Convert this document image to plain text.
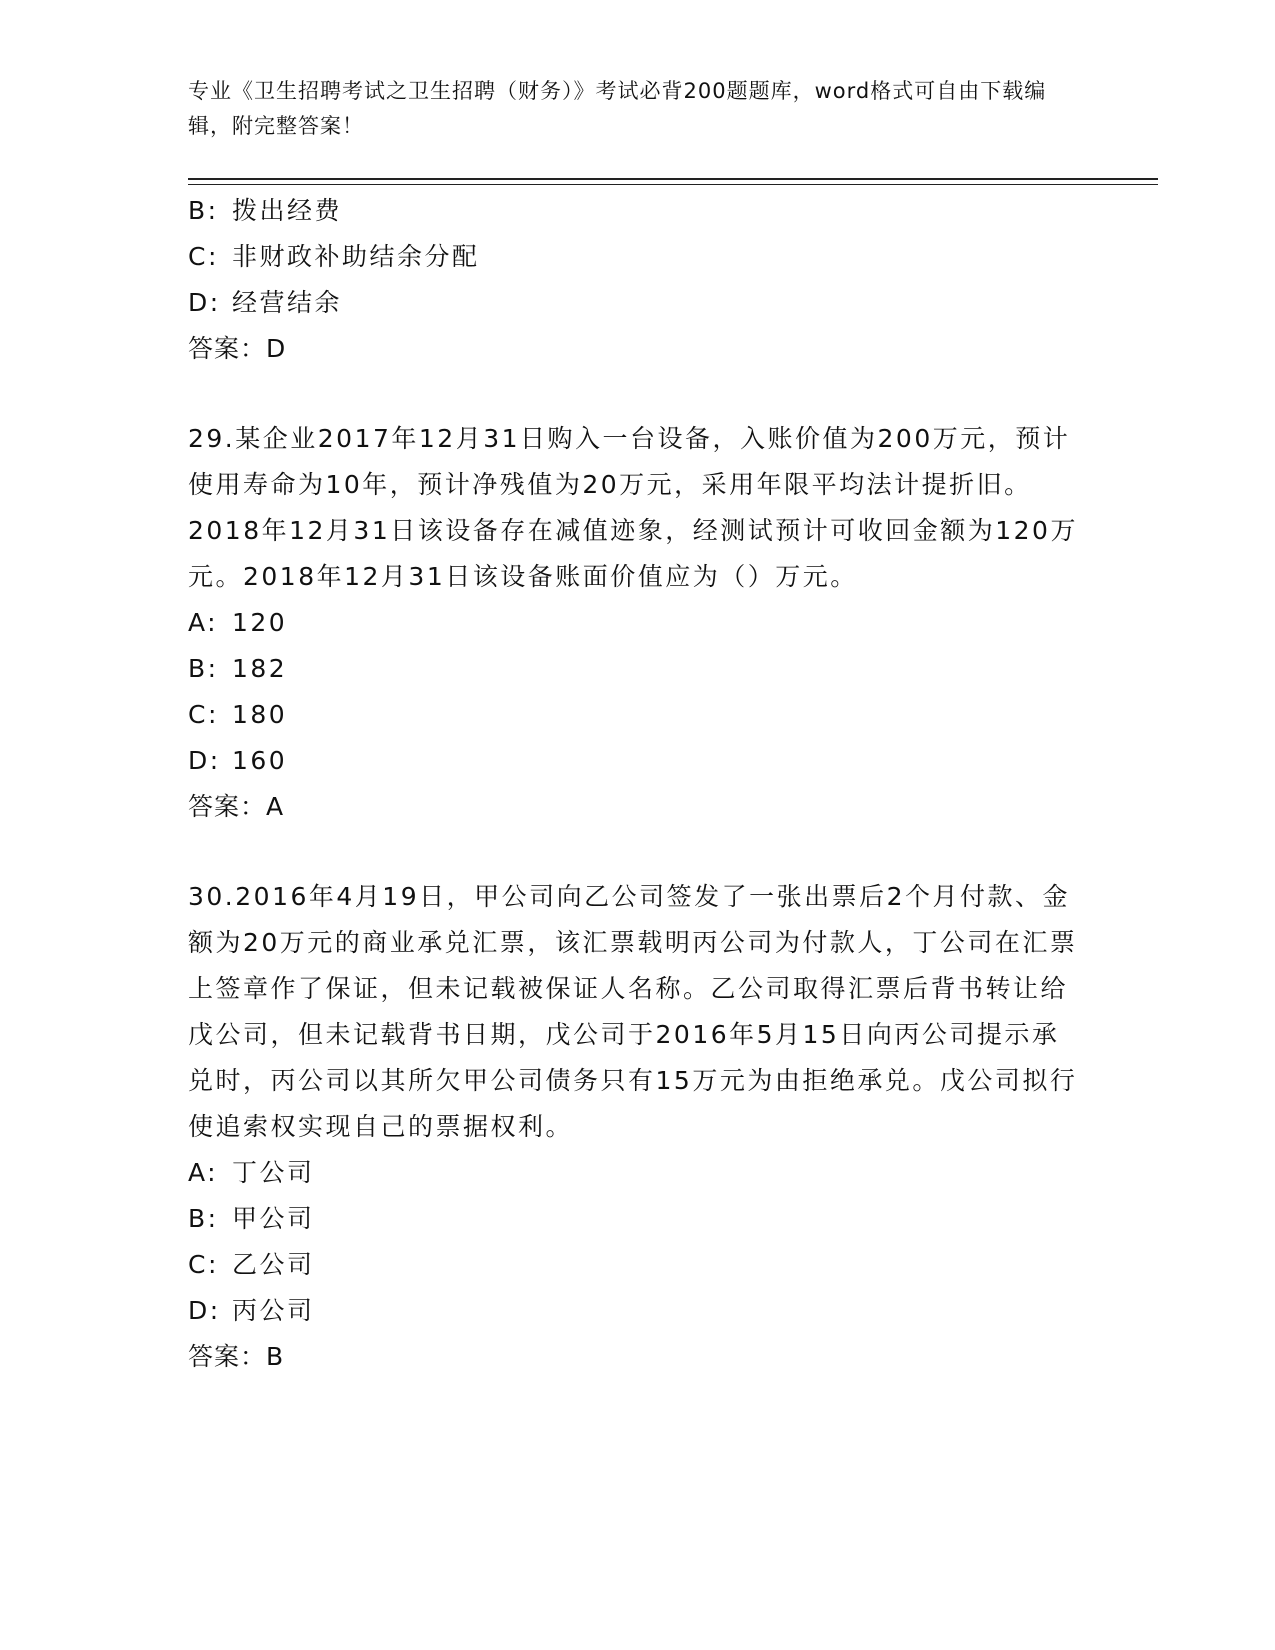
专业《卫生招聘考试之卫生招聘（财务）》考试必背200题题库，word格式可自由下载编辑，附完整答案！
B: 拨出经费
C: 非财政补助结余分配
D: 经营结余
答案：D
29.某企业2017年12月31日购入一台设备，入账价值为200万元，预计使用寿命为10年，预计净残值为20万元，采用年限平均法计提折旧。2018年12月31日该设备存在减值迹象，经测试预计可收回金额为120万元。2018年12月31日该设备账面价值应为（）万元。
A: 120
B: 182
C: 180
D: 160
答案：A
30.2016年4月19日，甲公司向乙公司签发了一张出票后2个月付款、金额为20万元的商业承兑汇票，该汇票载明丙公司为付款人，丁公司在汇票上签章作了保证，但未记载被保证人名称。乙公司取得汇票后背书转让给戊公司，但未记载背书日期，戊公司于2016年5月15日向丙公司提示承兑时，丙公司以其所欠甲公司债务只有15万元为由拒绝承兑。戊公司拟行使追索权实现自己的票据权利。
A: 丁公司
B: 甲公司
C: 乙公司
D: 丙公司
答案：B
